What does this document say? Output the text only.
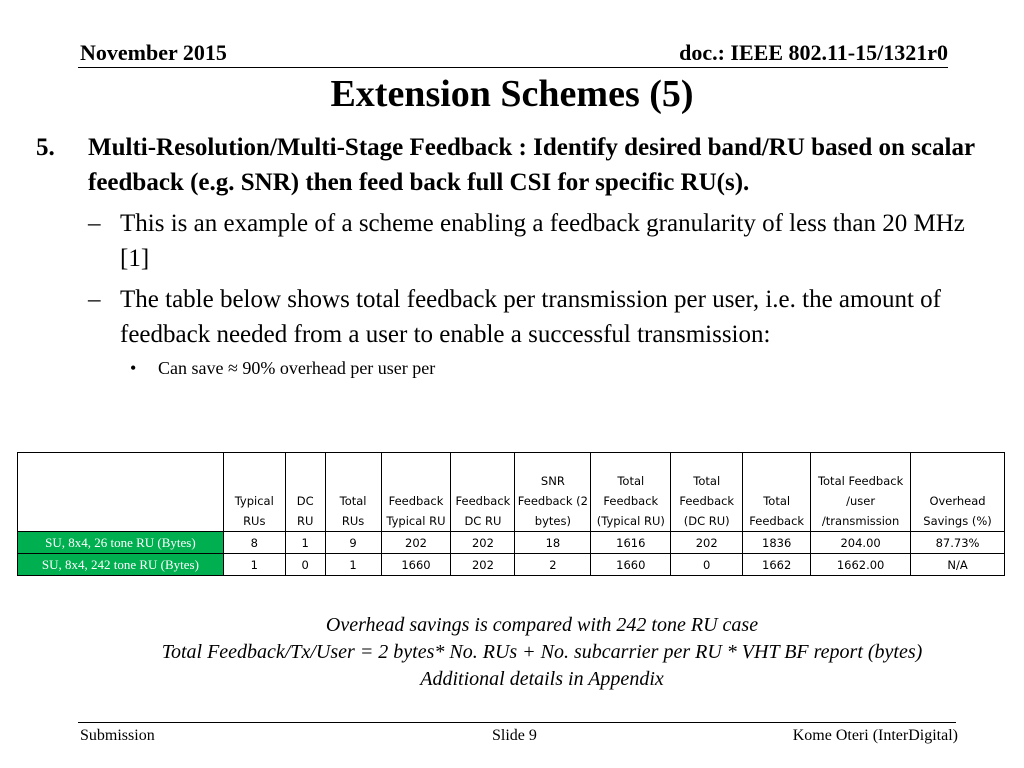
November 2015	doc.: IEEE 802.11-15/1321r0
Extension Schemes (5)
5. Multi-Resolution/Multi-Stage Feedback : Identify desired band/RU based on scalar feedback (e.g. SNR) then feed back full CSI for specific RU(s).
– This is an example of a scheme enabling a feedback granularity of less than 20 MHz [1]
– The table below shows total feedback per transmission per user, i.e. the amount of feedback needed from a user to enable a successful transmission:
• Can save ≈ 90% overhead per user per
	Typical RUs	DC RU	Total RUs	Feedback Typical RU	Feedback DC RU	SNR Feedback (2 bytes)	Total Feedback (Typical RU)	Total Feedback (DC RU)	Total Feedback	Total Feedback /user /transmission	Overhead Savings (%)
SU, 8x4, 26 tone RU (Bytes)	8	1	9	202	202	18	1616	202	1836	204.00	87.73%
SU, 8x4, 242 tone RU (Bytes)	1	0	1	1660	202	2	1660	0	1662	1662.00	N/A
Overhead savings is compared with 242 tone RU case
Total Feedback/Tx/User = 2 bytes* No. RUs + No. subcarrier per RU * VHT BF report (bytes)
Additional details in Appendix
Submission	Slide 9	Kome Oteri (InterDigital)
